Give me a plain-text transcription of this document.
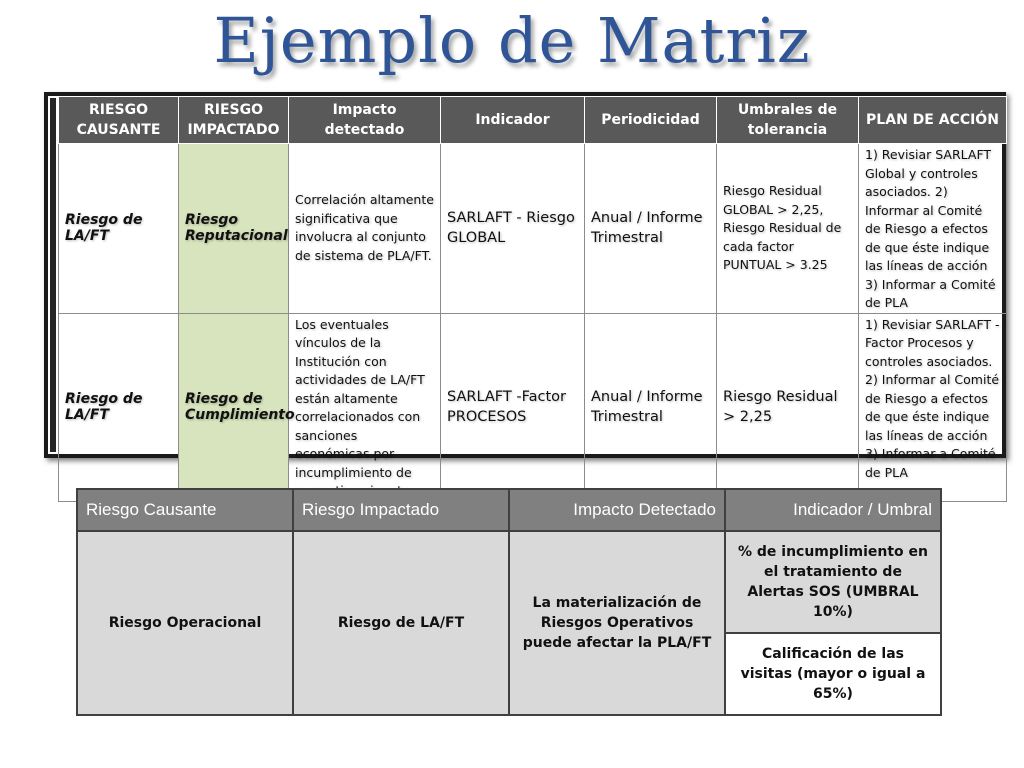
Ejemplo de Matriz
RIESGO CAUSANTE	RIESGO IMPACTADO	Impacto detectado	Indicador	Periodicidad	Umbrales de tolerancia	PLAN DE ACCIÓN
Riesgo de LA/FT	Riesgo Reputacional	Correlación altamente significativa que involucra al conjunto de sistema de PLA/FT.	SARLAFT - Riesgo GLOBAL	Anual / Informe Trimestral	Riesgo Residual GLOBAL > 2,25, Riesgo Residual de cada factor PUNTUAL > 3.25	1) Revisiar SARLAFT Global y controles asociados. 2) Informar al Comité de Riesgo a efectos de que éste indique las líneas de acción 3) Informar a Comité de PLA
Riesgo de LA/FT	Riesgo de Cumplimiento	Los eventuales vínculos de la Institución con actividades de LA/FT están altamente correlacionados con sanciones económicas por incumplimiento de	SARLAFT -Factor PROCESOS	Anual / Informe Trimestral	Riesgo Residual > 2,25	1) Revisiar SARLAFT - Factor Procesos y controles asociados. 2) Informar al Comité de Riesgo a efectos de que éste indique las líneas de acción 3) Informar a Comité de PLA
Riesgo Causante	Riesgo Impactado	Impacto Detectado	Indicador / Umbral
Riesgo Operacional	Riesgo de LA/FT	La materialización de Riesgos Operativos puede afectar la PLA/FT	% de incumplimiento en el tratamiento de Alertas SOS (UMBRAL 10%)
			Calificación de las visitas (mayor o igual a 65%)
